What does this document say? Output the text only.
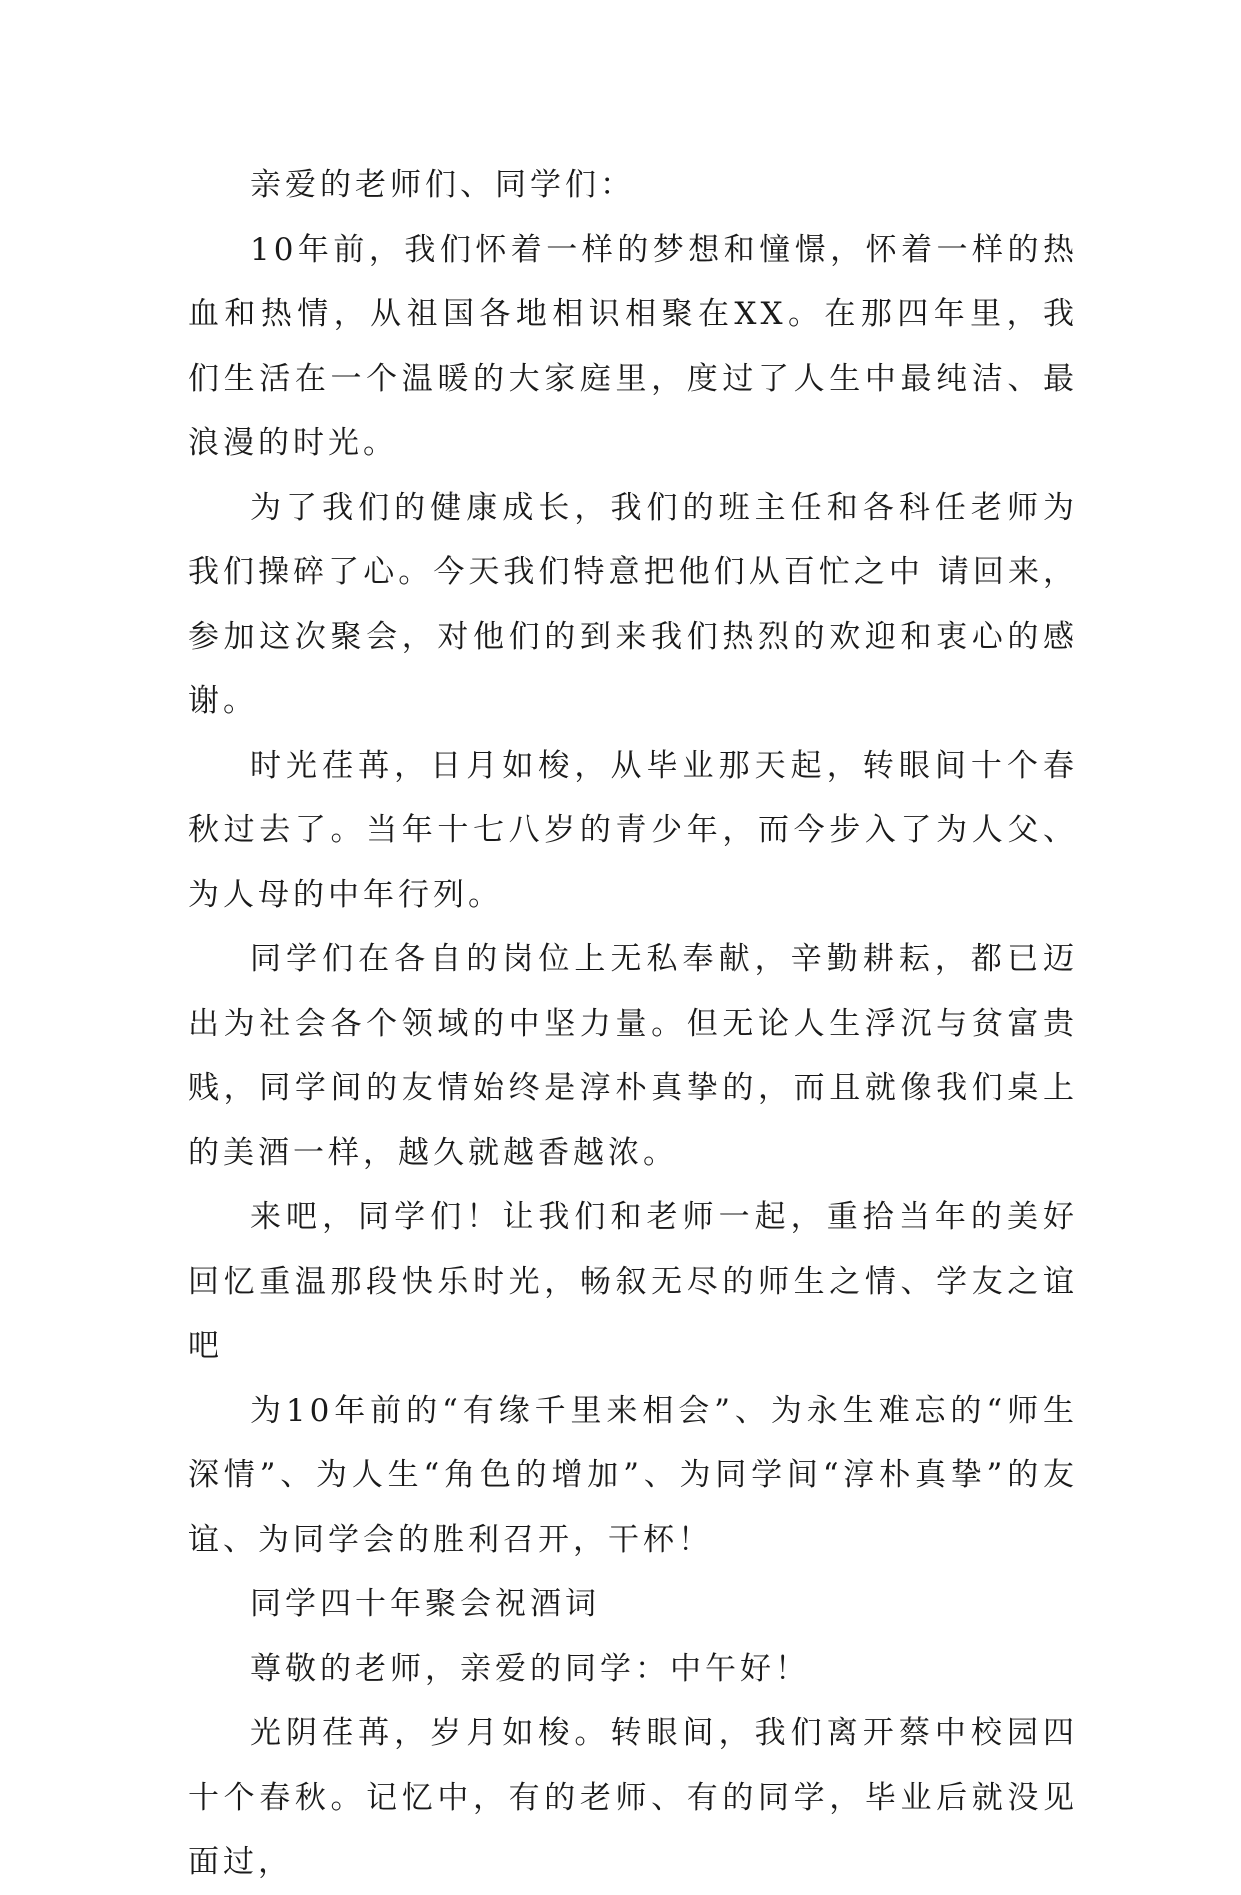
亲爱的老师们、同学们：

10年前，我们怀着一样的梦想和憧憬，怀着一样的热血和热情，从祖国各地相识相聚在XX。在那四年里，我们生活在一个温暖的大家庭里，度过了人生中最纯洁、最浪漫的时光。

为了我们的健康成长，我们的班主任和各科任老师为我们操碎了心。今天我们特意把他们从百忙之中 请回来，参加这次聚会，对他们的到来我们热烈的欢迎和衷心的感谢。

时光荏苒，日月如梭，从毕业那天起，转眼间十个春秋过去了。当年十七八岁的青少年，而今步入了为人父、为人母的中年行列。

同学们在各自的岗位上无私奉献，辛勤耕耘，都已迈出为社会各个领域的中坚力量。但无论人生浮沉与贫富贵贱，同学间的友情始终是淳朴真挚的，而且就像我们桌上的美酒一样，越久就越香越浓。

来吧，同学们！让我们和老师一起，重拾当年的美好回忆重温那段快乐时光，畅叙无尽的师生之情、学友之谊吧

为10年前的“有缘千里来相会”、为永生难忘的“师生深情”、为人生“角色的增加”、为同学间“淳朴真挚”的友谊、为同学会的胜利召开，干杯！

同学四十年聚会祝酒词

尊敬的老师，亲爱的同学：中午好！

光阴荏苒，岁月如梭。转眼间，我们离开蔡中校园四十个春秋。记忆中，有的老师、有的同学，毕业后就没见面过，
